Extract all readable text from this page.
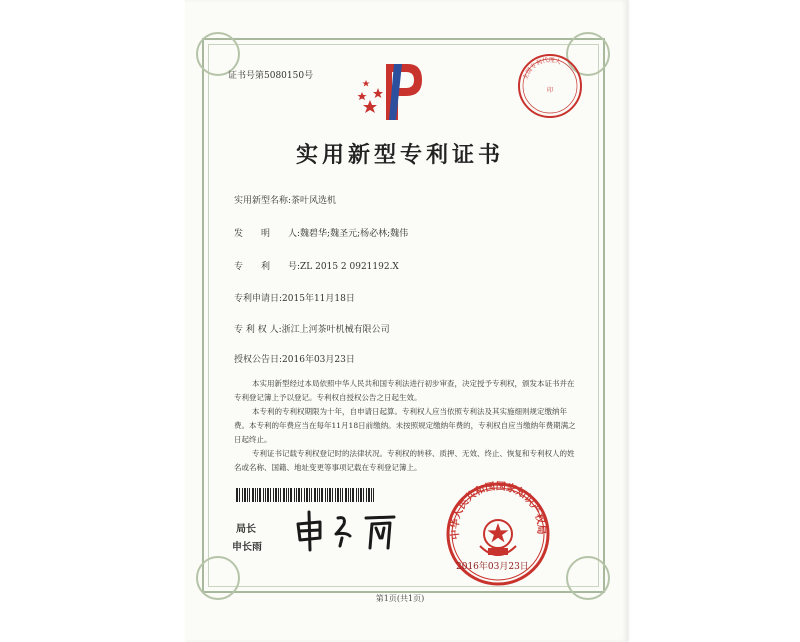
证书号第5080150号	全国专利代理人
印
实用新型专利证书
实用新型名称:茶叶风选机
发　　明　　人:魏碧华;魏圣元;杨必林;魏伟
专　　利　　号:ZL 2015 2 0921192.X
专利申请日:2015年11月18日
专 利 权 人:浙江上河茶叶机械有限公司
授权公告日:2016年03月23日

本实用新型经过本局依照中华人民共和国专利法进行初步审查，决定授予专利权，颁发本证书并在专利登记簿上予以登记。专利权自授权公告之日起生效。

本专利的专利权期限为十年，自申请日起算。专利权人应当依照专利法及其实施细则规定缴纳年费。本专利的年费应当在每年11月18日前缴纳。未按照规定缴纳年费的，专利权自应当缴纳年费期满之日起终止。

专利证书记载专利权登记时的法律状况。专利权的转移、质押、无效、终止、恢复和专利权人的姓名或名称、国籍、地址变更等事项记载在专利登记簿上。

局长
申长雨
中华人民共和国国家知识产权局
2016年03月23日
第1页(共1页)
